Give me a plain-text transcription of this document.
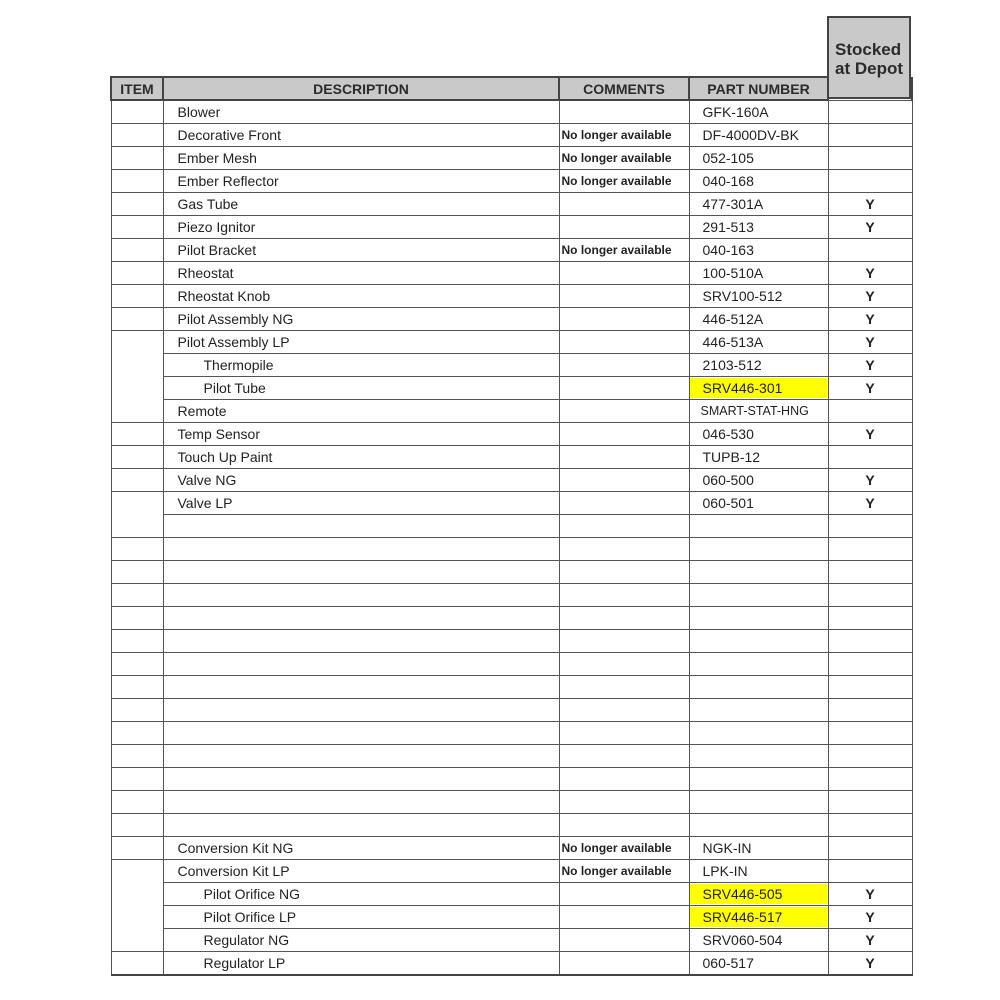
Stocked at Depot
ITEM	DESCRIPTION	COMMENTS	PART NUMBER	
	Blower		GFK-160A	
	Decorative Front	No longer available	DF-4000DV-BK	
	Ember Mesh	No longer available	052-105	
	Ember Reflector	No longer available	040-168	
	Gas Tube		477-301A	Y
	Piezo Ignitor		291-513	Y
	Pilot Bracket	No longer available	040-163	
	Rheostat		100-510A	Y
	Rheostat Knob		SRV100-512	Y
	Pilot Assembly NG		446-512A	Y
	Pilot Assembly LP		446-513A	Y
	Thermopile		2103-512	Y
	Pilot Tube		SRV446-301	Y
	Remote		SMART-STAT-HNG	
	Temp Sensor		046-530	Y
	Touch Up Paint		TUPB-12	
	Valve NG		060-500	Y
	Valve LP		060-501	Y

	Conversion Kit NG	No longer available	NGK-IN	
	Conversion Kit LP	No longer available	LPK-IN	
	Pilot Orifice NG		SRV446-505	Y
	Pilot Orifice LP		SRV446-517	Y
	Regulator NG		SRV060-504	Y
	Regulator LP		060-517	Y
